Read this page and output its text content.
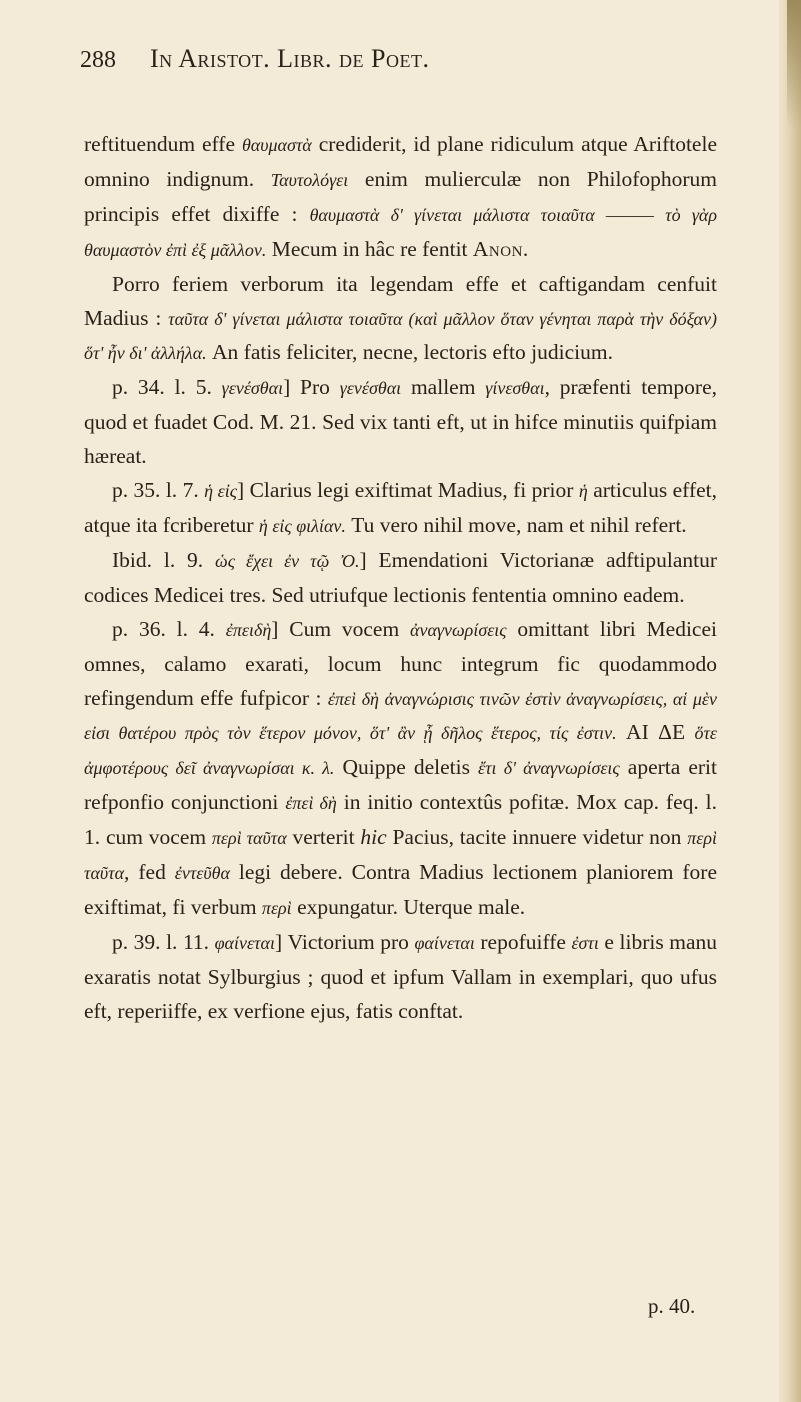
288	In Aristot. Libr. de Poet.

reftituendum effe θαυμαστὰ crediderit, id plane ridiculum atque Ariftotele omnino indignum. Ταυτολόγει enim mulierculæ non Philofophorum principis effet dixiffe : θαυμαστὰ δ' γίνεται μάλιστα τοιαῦτα ——— τὸ γὰρ θαυμαστὸν ἐπὶ ἐξ μᾶλλον. Mecum in hâc re fentit Anon.

Porro feriem verborum ita legendam effe et caftigandam cenfuit Madius : ταῦτα δ' γίνεται μάλιστα τοιαῦτα (καὶ μᾶλλον ὅταν γένηται παρὰ τὴν δόξαν) ὅτ' ἦν δι' ἀλλήλα. An fatis feliciter, necne, lectoris efto judicium.

p. 34. l. 5. γενέσθαι] Pro γενέσθαι mallem γίνεσθαι, præfenti tempore, quod et fuadet Cod. M. 21. Sed vix tanti eft, ut in hifce minutiis quifpiam hæreat.

p. 35. l. 7. ἡ εἰς] Clarius legi exiftimat Madius, fi prior ἡ articulus effet, atque ita fcriberetur ἡ εἰς φιλίαν. Tu vero nihil move, nam et nihil refert.

Ibid. l. 9. ὡς ἔχει ἐν τῷ Ὀ.] Emendationi Victorianæ adftipulantur codices Medicei tres. Sed utriufque lectionis fententia omnino eadem.

p. 36. l. 4. ἐπειδὴ] Cum vocem ἀναγνωρίσεις omittant libri Medicei omnes, calamo exarati, locum hunc integrum fic quodammodo refingendum effe fufpicor : ἐπεὶ δὴ ἀναγνώρισις τινῶν ἐστὶν ἀναγνωρίσεις, αἱ μὲν εἰσι θατέρου πρὸς τὸν ἕτερον μόνον, ὅτ' ἂν ᾖ δῆλος ἕτερος, τίς ἐστιν. AI ΔΕ ὅτε ἀμφοτέρους δεῖ ἀναγνωρίσαι κ. λ. Quippe deletis ἔτι δ' ἀναγνωρίσεις aperta erit refponfio conjunctioni ἐπεὶ δὴ in initio contextûs pofitæ. Mox cap. feq. l. 1. cum vocem περὶ ταῦτα verterit hic Pacius, tacite innuere videtur non περὶ ταῦτα, fed ἐντεῦθα legi debere. Contra Madius lectionem planiorem fore exiftimat, fi verbum περὶ expungatur. Uterque male.

p. 39. l. 11. φαίνεται] Victorium pro φαίνεται repofuiffe ἐστι e libris manu exaratis notat Sylburgius ; quod et ipfum Vallam in exemplari, quo ufus eft, reperiiffe, ex verfione ejus, fatis conftat.

p. 40.
